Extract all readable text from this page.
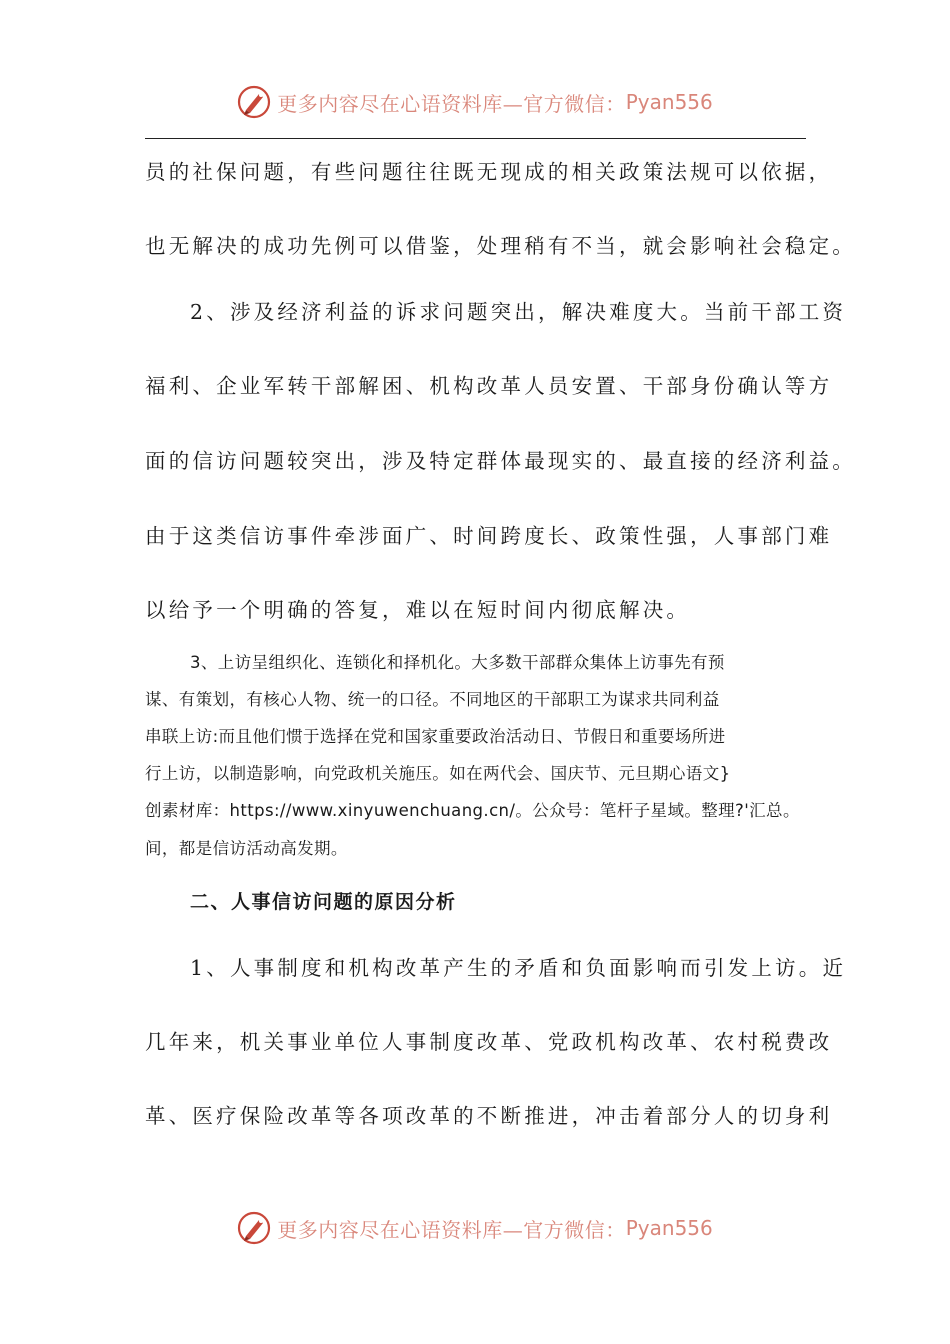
更多内容尽在心语资料库—官方微信： Pyan556
员的社保问题，有些问题往往既无现成的相关政策法规可以依据，
也无解决的成功先例可以借鉴，处理稍有不当，就会影响社会稳定。
2、涉及经济利益的诉求问题突出，解决难度大。当前干部工资
福利、企业军转干部解困、机构改革人员安置、干部身份确认等方
面的信访问题较突出，涉及特定群体最现实的、最直接的经济利益。
由于这类信访事件牵涉面广、时间跨度长、政策性强，人事部门难
以给予一个明确的答复，难以在短时间内彻底解决。
3、上访呈组织化、连锁化和择机化。大多数干部群众集体上访事先有预
谋、有策划，有核心人物、统一的口径。不同地区的干部职工为谋求共同利益
串联上访:而且他们惯于选择在党和国家重要政治活动日、节假日和重要场所进
行上访，以制造影响，向党政机关施压。如在两代会、国庆节、元旦期心语文}
创素材库：https://www.xinyuwenchuang.cn/。公众号：笔杆子星域。整理?'汇总。
间，都是信访活动高发期。
二、人事信访问题的原因分析
1、人事制度和机构改革产生的矛盾和负面影响而引发上访。近
几年来，机关事业单位人事制度改革、党政机构改革、农村税费改
革、医疗保险改革等各项改革的不断推进，冲击着部分人的切身利
更多内容尽在心语资料库—官方微信： Pyan556
